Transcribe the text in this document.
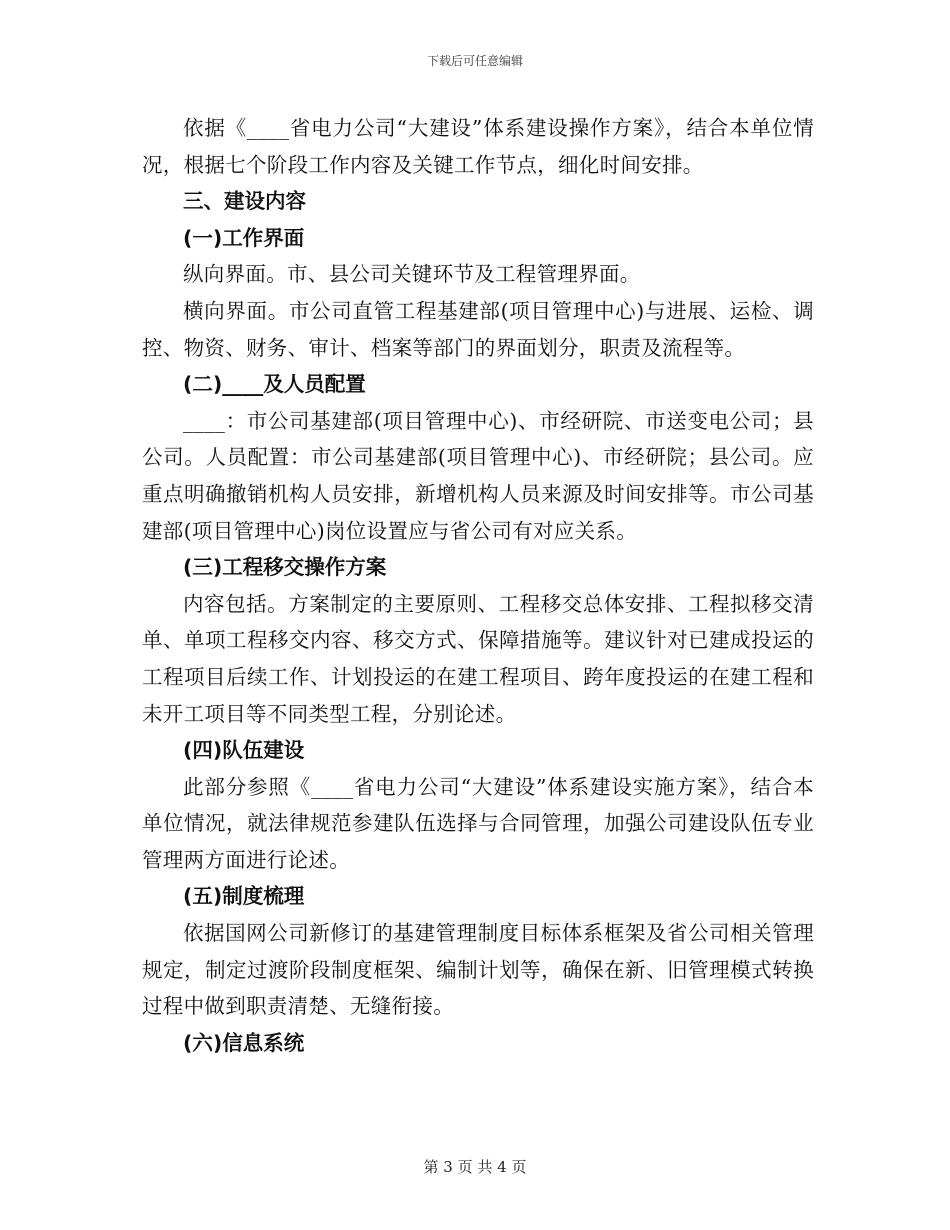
下载后可任意编辑

依据《____省电力公司“大建设”体系建设操作方案》，结合本单位情况，根据七个阶段工作内容及关键工作节点，细化时间安排。

三、建设内容

(一)工作界面

纵向界面。市、县公司关键环节及工程管理界面。

横向界面。市公司直管工程基建部(项目管理中心)与进展、运检、调控、物资、财务、审计、档案等部门的界面划分，职责及流程等。

(二)____及人员配置

____：市公司基建部(项目管理中心)、市经研院、市送变电公司；县公司。人员配置：市公司基建部(项目管理中心)、市经研院；县公司。应重点明确撤销机构人员安排，新增机构人员来源及时间安排等。市公司基建部(项目管理中心)岗位设置应与省公司有对应关系。

(三)工程移交操作方案

内容包括。方案制定的主要原则、工程移交总体安排、工程拟移交清单、单项工程移交内容、移交方式、保障措施等。建议针对已建成投运的工程项目后续工作、计划投运的在建工程项目、跨年度投运的在建工程和未开工项目等不同类型工程，分别论述。

(四)队伍建设

此部分参照《____省电力公司“大建设”体系建设实施方案》，结合本单位情况，就法律规范参建队伍选择与合同管理，加强公司建设队伍专业管理两方面进行论述。

(五)制度梳理

依据国网公司新修订的基建管理制度目标体系框架及省公司相关管理规定，制定过渡阶段制度框架、编制计划等，确保在新、旧管理模式转换过程中做到职责清楚、无缝衔接。

(六)信息系统

第 3 页 共 4 页
